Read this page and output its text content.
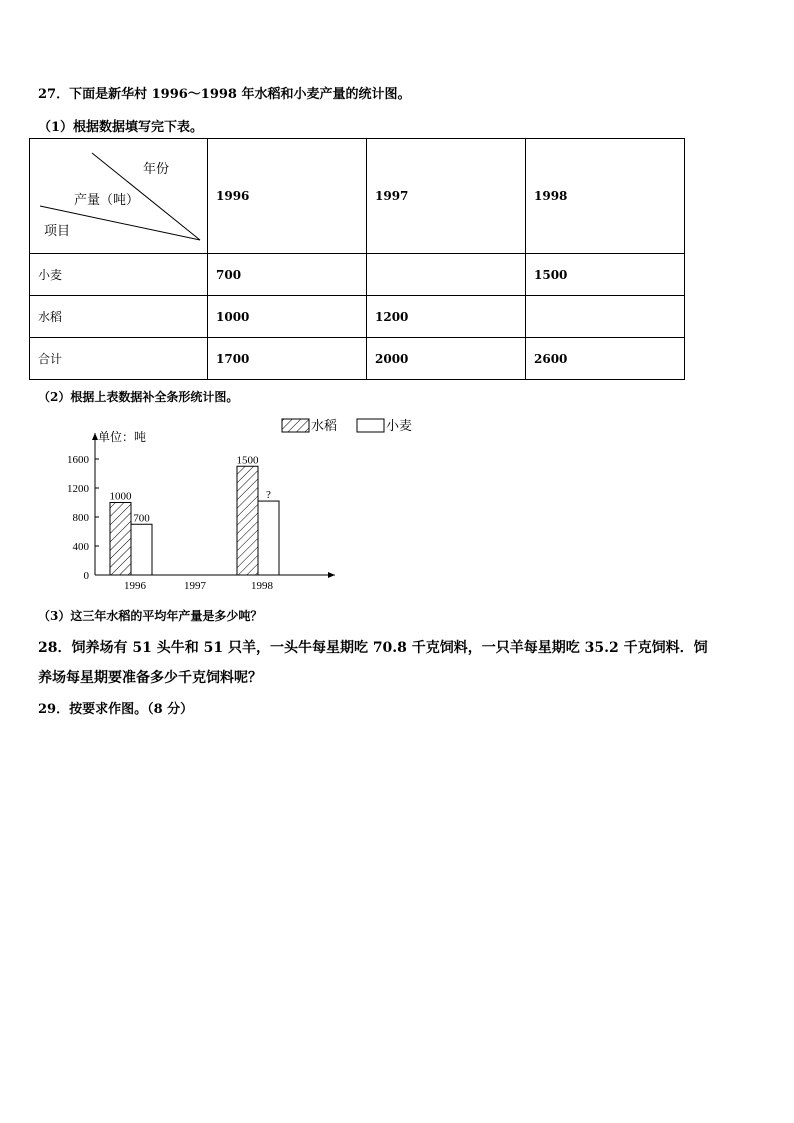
27．下面是新华村 1996～1998 年水稻和小麦产量的统计图。
（1）根据数据填写完下表。
年份
产量（吨）
项目	1996	1997	1998
小麦	700		1500
水稻	1000	1200	
合计	1700	2000	2600
（2）根据上表数据补全条形统计图。
单位：吨
0
400
800
1200
1600
1996	1997	1998
1000
1500
700
?
水稻	小麦
（3）这三年水稻的平均年产量是多少吨？
28．饲养场有 51 头牛和 51 只羊，一头牛每星期吃 70.8 千克饲料，一只羊每星期吃 35.2 千克饲料．饲
养场每星期要准备多少千克饲料呢？
29．按要求作图。（8 分）
